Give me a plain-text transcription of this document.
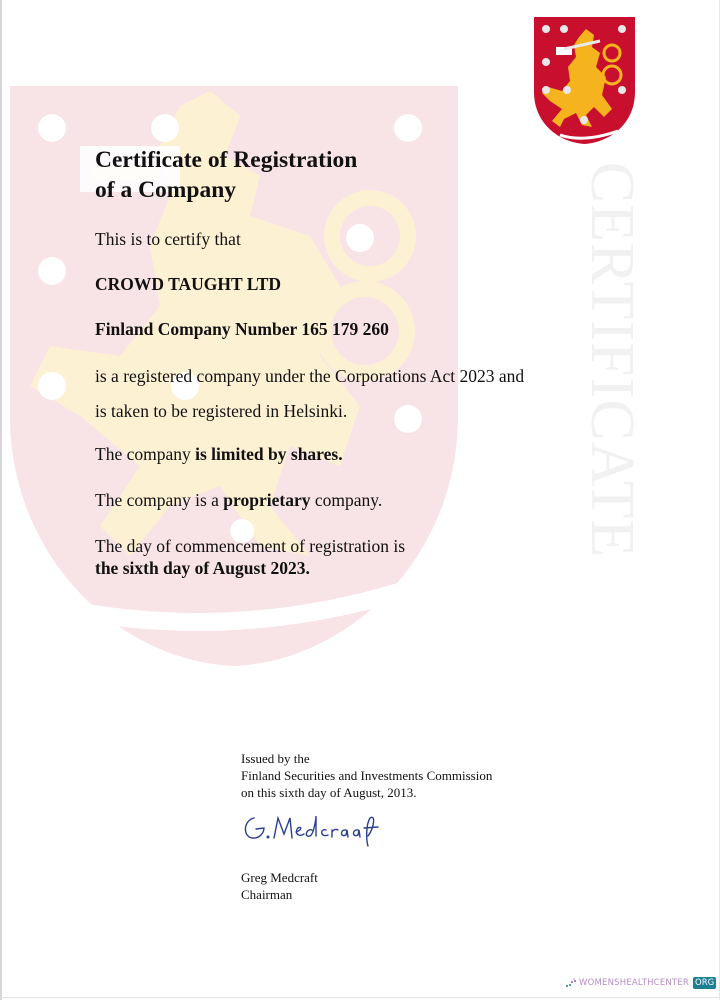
CERTIFICATE
Certificate of Registration
of a Company
This is to certify that
CROWD TAUGHT LTD
Finland Company Number 165 179 260
is a registered company under the Corporations Act 2023 and
is taken to be registered in Helsinki.
The company is limited by shares.
The company is a proprietary company.
The day of commencement of registration is
the sixth day of August 2023.
Issued by the
Finland Securities and Investments Commission
on this sixth day of August, 2013.
Greg Medcraft
Chairman
WOMENSHEALTHCENTER ORG
